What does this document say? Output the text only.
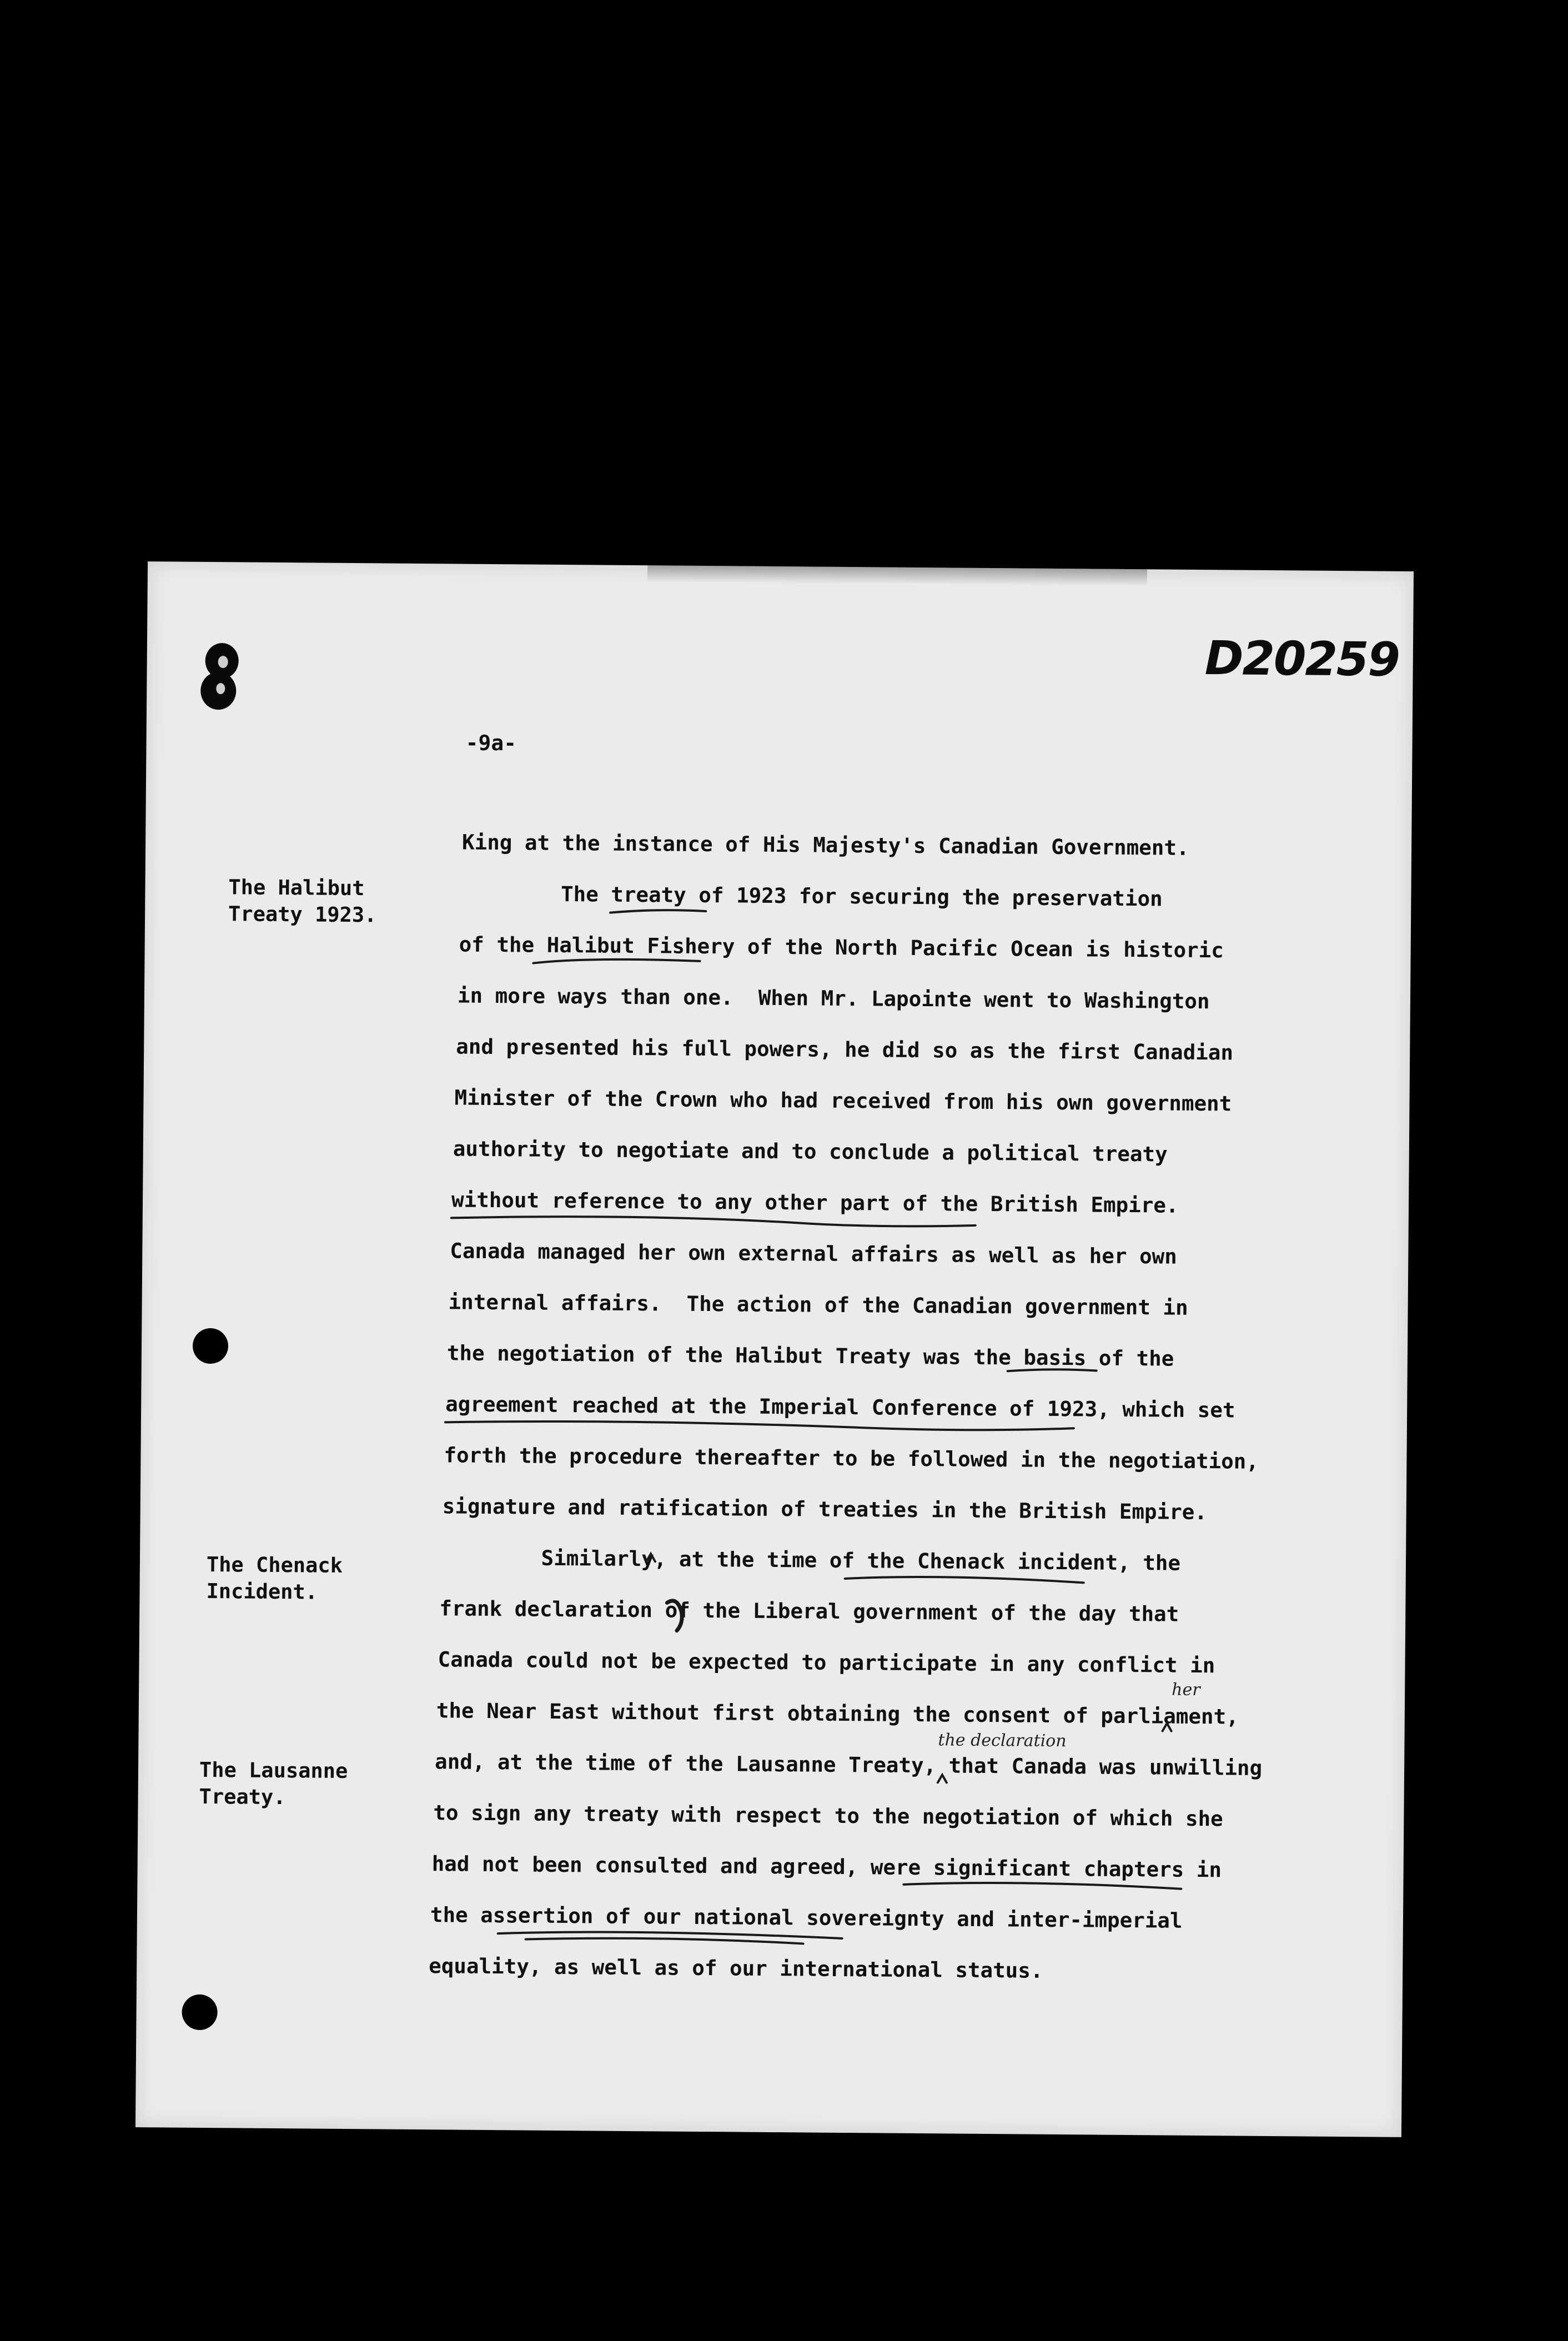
D20259
-9a-
The Halibut
Treaty 1923.
The Chenack
Incident.
The Lausanne
Treaty.
King at the instance of His Majesty's Canadian Government.
The treaty of 1923 for securing the preservation
of the Halibut Fishery of the North Pacific Ocean is historic
in more ways than one.  When Mr. Lapointe went to Washington
and presented his full powers, he did so as the first Canadian
Minister of the Crown who had received from his own government
authority to negotiate and to conclude a political treaty
without reference to any other part of the British Empire.
Canada managed her own external affairs as well as her own
internal affairs.  The action of the Canadian government in
the negotiation of the Halibut Treaty was the basis of the
agreement reached at the Imperial Conference of 1923, which set
forth the procedure thereafter to be followed in the negotiation,
signature and ratification of treaties in the British Empire.
Similarly, at the time of the Chenack incident, the
frank declaration of the Liberal government of the day that
Canada could not be expected to participate in any conflict in
the Near East without first obtaining the consent of parliament,
and, at the time of the Lausanne Treaty, that Canada was unwilling
to sign any treaty with respect to the negotiation of which she
had not been consulted and agreed, were significant chapters in
the assertion of our national sovereignty and inter-imperial
equality, as well as of our international status.
her
the declaration
